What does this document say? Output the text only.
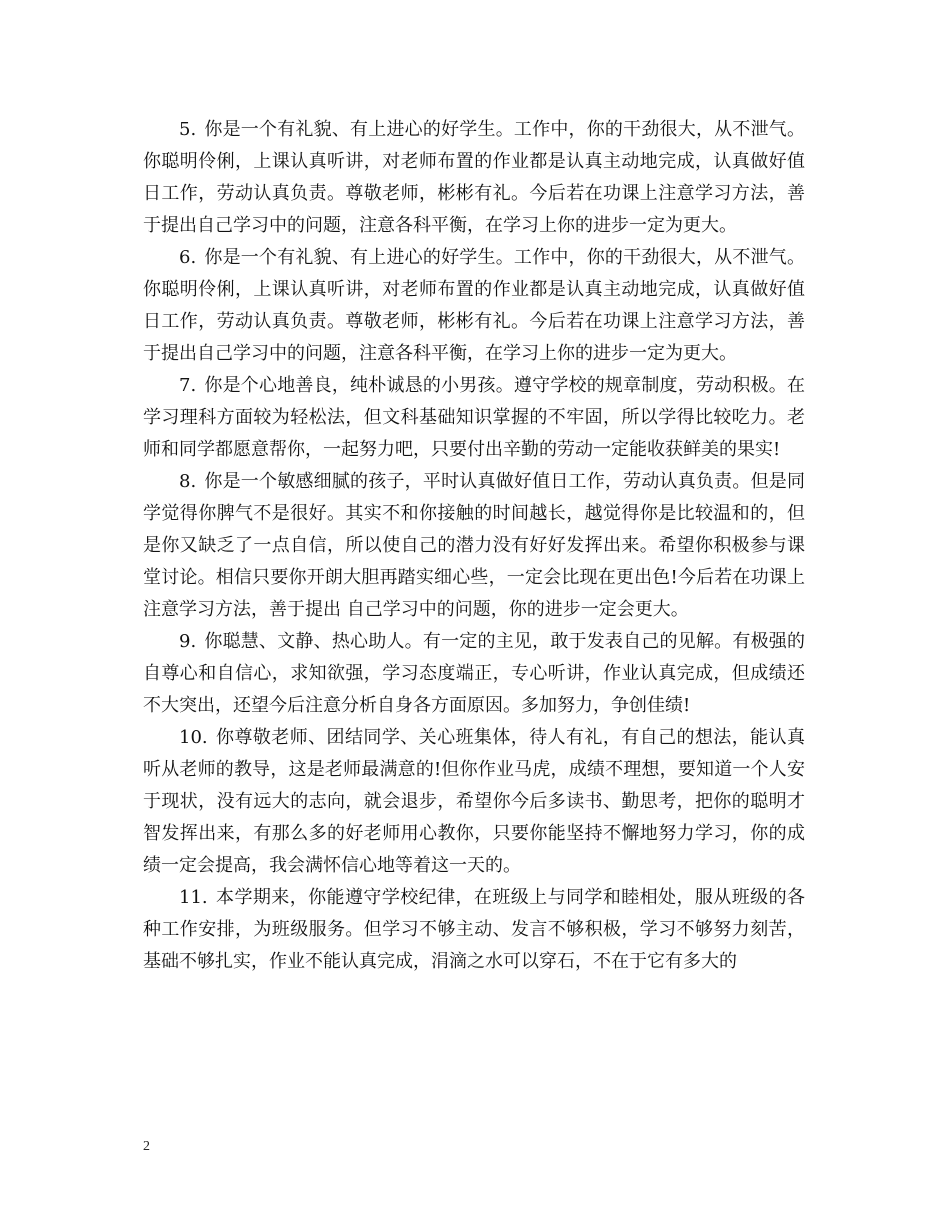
5. 你是一个有礼貌、有上进心的好学生。工作中，你的干劲很大，从不泄气。你聪明伶俐，上课认真听讲，对老师布置的作业都是认真主动地完成，认真做好值日工作，劳动认真负责。尊敬老师，彬彬有礼。今后若在功课上注意学习方法，善于提出自己学习中的问题，注意各科平衡，在学习上你的进步一定为更大。

6. 你是一个有礼貌、有上进心的好学生。工作中，你的干劲很大，从不泄气。你聪明伶俐，上课认真听讲，对老师布置的作业都是认真主动地完成，认真做好值日工作，劳动认真负责。尊敬老师，彬彬有礼。今后若在功课上注意学习方法，善于提出自己学习中的问题，注意各科平衡，在学习上你的进步一定为更大。

7. 你是个心地善良，纯朴诚恳的小男孩。遵守学校的规章制度，劳动积极。在学习理科方面较为轻松法，但文科基础知识掌握的不牢固，所以学得比较吃力。老师和同学都愿意帮你，一起努力吧，只要付出辛勤的劳动一定能收获鲜美的果实!

8. 你是一个敏感细腻的孩子，平时认真做好值日工作，劳动认真负责。但是同学觉得你脾气不是很好。其实不和你接触的时间越长，越觉得你是比较温和的，但是你又缺乏了一点自信，所以使自己的潜力没有好好发挥出来。希望你积极参与课堂讨论。相信只要你开朗大胆再踏实细心些，一定会比现在更出色!今后若在功课上注意学习方法，善于提出 自己学习中的问题，你的进步一定会更大。

9. 你聪慧、文静、热心助人。有一定的主见，敢于发表自己的见解。有极强的自尊心和自信心，求知欲强，学习态度端正，专心听讲，作业认真完成，但成绩还不大突出，还望今后注意分析自身各方面原因。多加努力，争创佳绩!

10. 你尊敬老师、团结同学、关心班集体，待人有礼，有自己的想法，能认真听从老师的教导，这是老师最满意的!但你作业马虎，成绩不理想，要知道一个人安于现状，没有远大的志向，就会退步，希望你今后多读书、勤思考，把你的聪明才智发挥出来，有那么多的好老师用心教你，只要你能坚持不懈地努力学习，你的成绩一定会提高，我会满怀信心地等着这一天的。

11. 本学期来，你能遵守学校纪律，在班级上与同学和睦相处，服从班级的各种工作安排，为班级服务。但学习不够主动、发言不够积极，学习不够努力刻苦，基础不够扎实，作业不能认真完成，涓滴之水可以穿石，不在于它有多大的

2
